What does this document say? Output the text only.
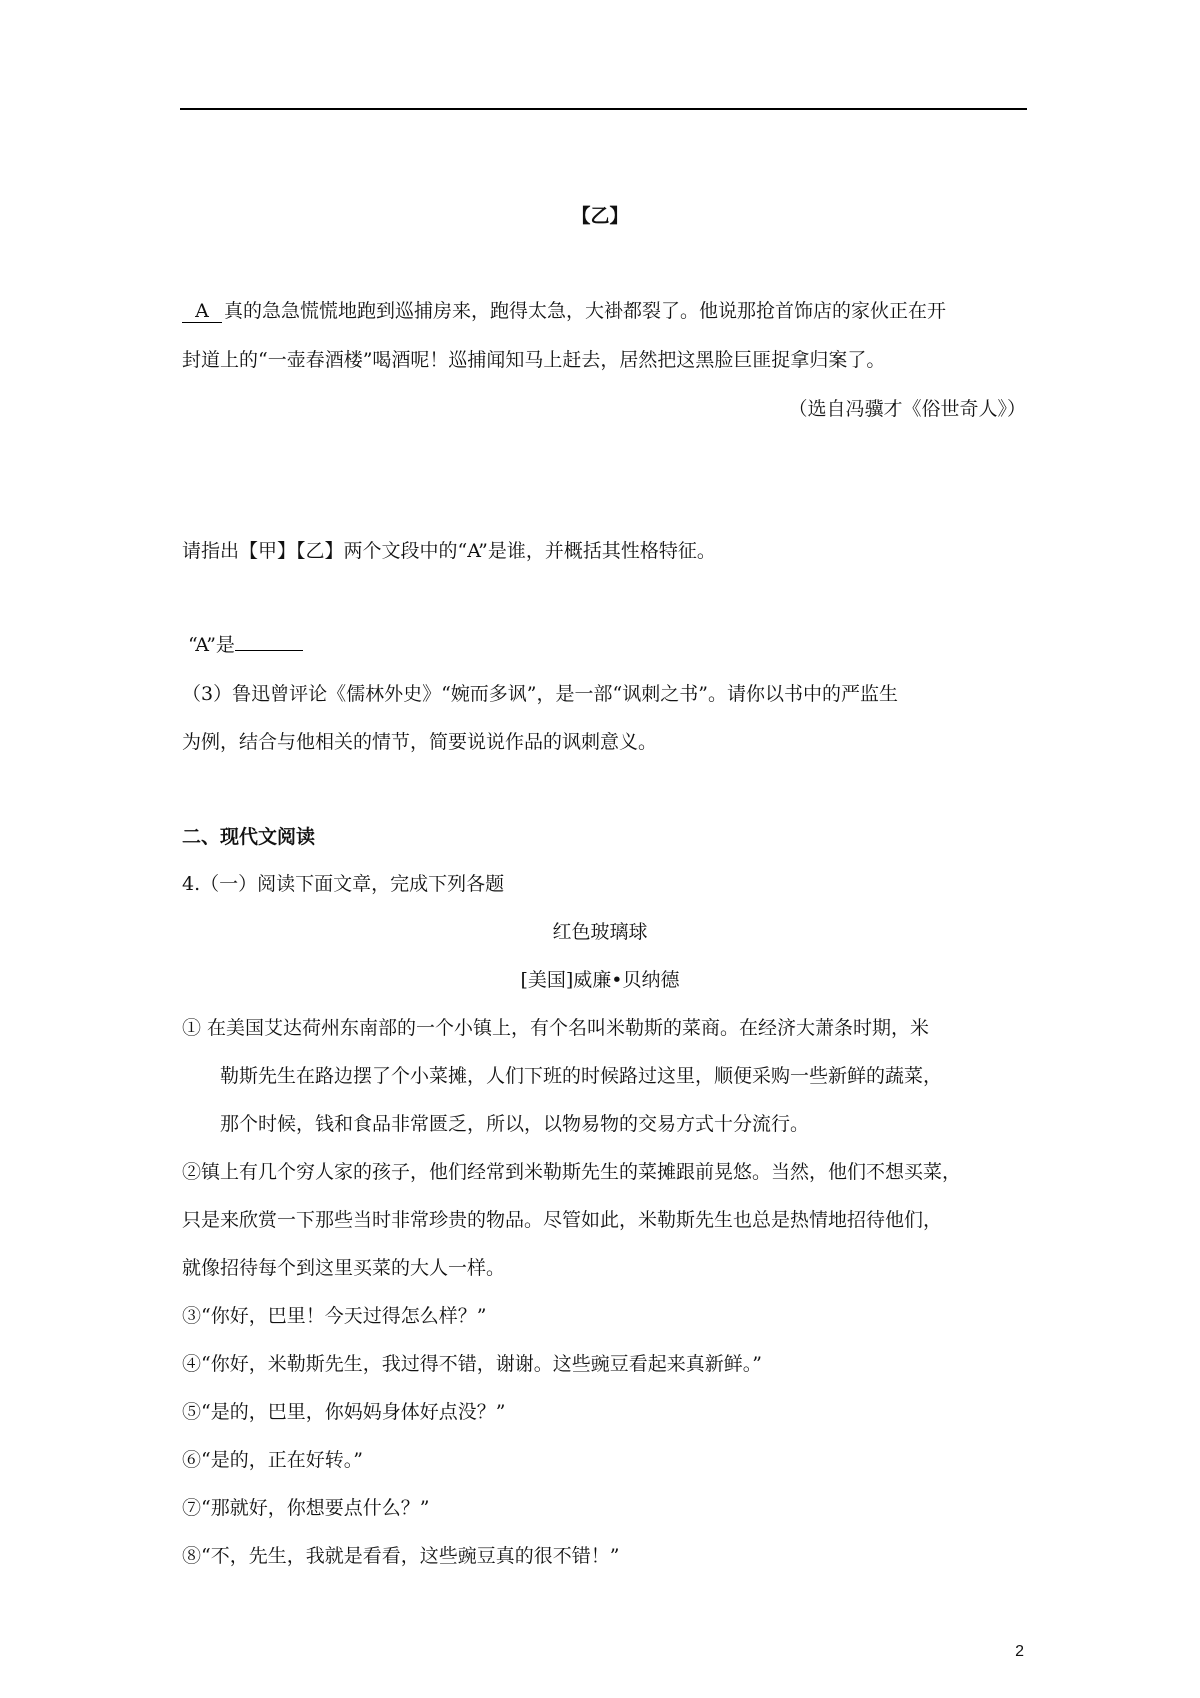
【乙】
A 真的急急慌慌地跑到巡捕房来，跑得太急，大褂都裂了。他说那抢首饰店的家伙正在开
封道上的“一壶春酒楼”喝酒呢！巡捕闻知马上赶去，居然把这黑脸巨匪捉拿归案了。
（选自冯骥才《俗世奇人》）
请指出【甲】【乙】两个文段中的“A”是谁，并概括其性格特征。
“A”是
（3）鲁迅曾评论《儒林外史》“婉而多讽”，是一部“讽刺之书”。请你以书中的严监生
为例，结合与他相关的情节，简要说说作品的讽刺意义。
二、现代文阅读
4.（一）阅读下面文章，完成下列各题
红色玻璃球
[美国]威廉•贝纳德
① 在美国艾达荷州东南部的一个小镇上，有个名叫米勒斯的菜商。在经济大萧条时期，米
勒斯先生在路边摆了个小菜摊，人们下班的时候路过这里，顺便采购一些新鲜的蔬菜，
那个时候，钱和食品非常匮乏，所以，以物易物的交易方式十分流行。
②镇上有几个穷人家的孩子，他们经常到米勒斯先生的菜摊跟前晃悠。当然，他们不想买菜，
只是来欣赏一下那些当时非常珍贵的物品。尽管如此，米勒斯先生也总是热情地招待他们，
就像招待每个到这里买菜的大人一样。
③“你好，巴里！今天过得怎么样？”
④“你好，米勒斯先生，我过得不错，谢谢。这些豌豆看起来真新鲜。”
⑤“是的，巴里，你妈妈身体好点没？”
⑥“是的，正在好转。”
⑦“那就好，你想要点什么？”
⑧“不，先生，我就是看看，这些豌豆真的很不错！”
2
